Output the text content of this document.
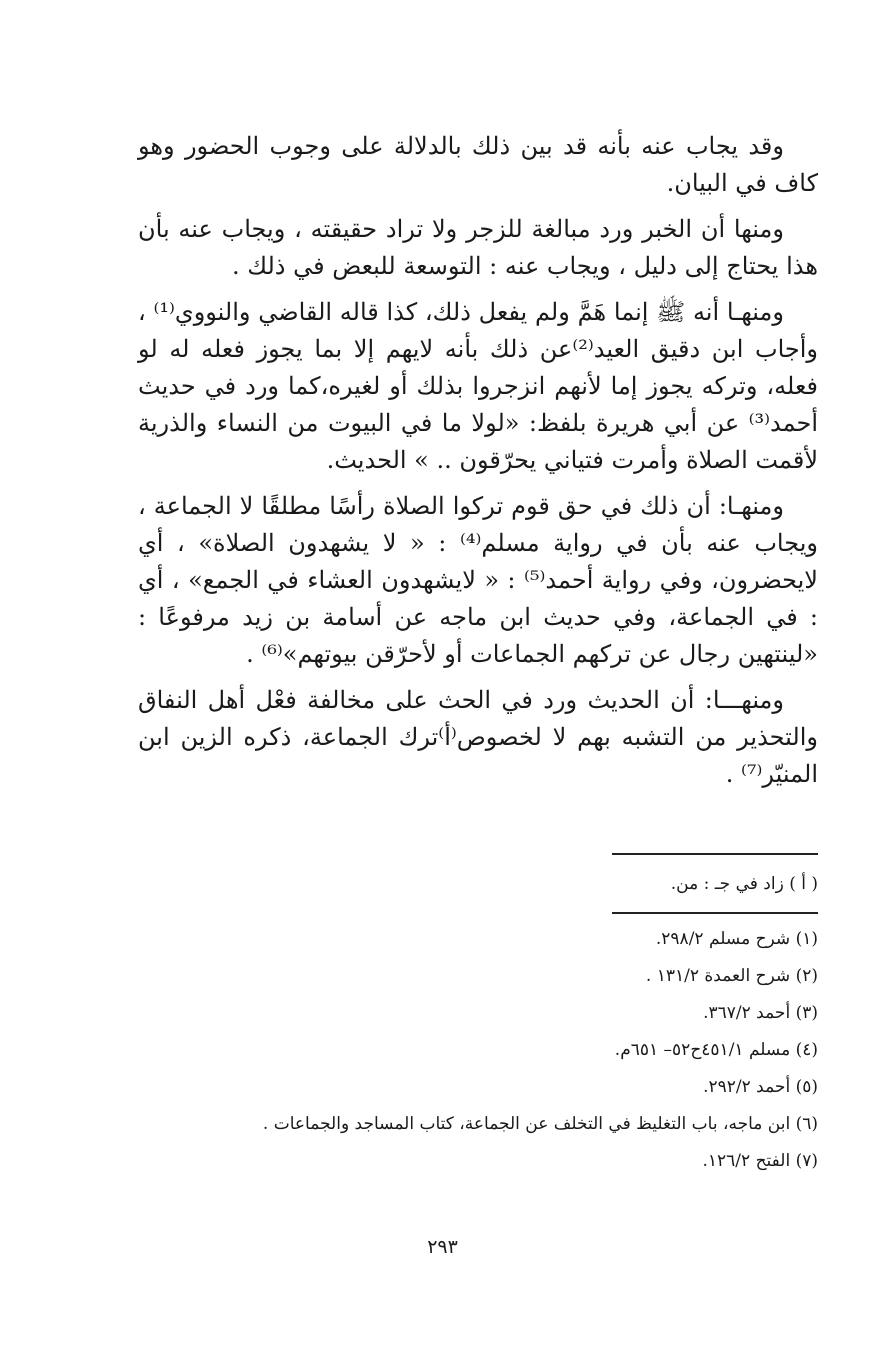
وقد يجاب عنه بأنه قد بين ذلك بالدلالة على وجوب الحضور وهو كاف في البيان.

ومنها أن الخبر ورد مبالغة للزجر ولا تراد حقيقته ، ويجاب عنه بأن هذا يحتاج إلى دليل ، ويجاب عنه : التوسعة للبعض في ذلك .

ومنهـا أنه ﷺ إنما هَمَّ ولم يفعل ذلك، كذا قاله القاضي والنووي⁽¹⁾ ، وأجاب ابن دقيق العيد⁽²⁾عن ذلك بأنه لايهم إلا بما يجوز فعله له لو فعله، وتركه يجوز إما لأنهم انزجروا بذلك أو لغيره،كما ورد في حديث أحمد⁽³⁾ عن أبي هريرة بلفظ: «لولا ما في البيوت من النساء والذرية لأقمت الصلاة وأمرت فتياني يحرّقون .. » الحديث.

ومنهـا: أن ذلك في حق قوم تركوا الصلاة رأسًا مطلقًا لا الجماعة ، ويجاب عنه بأن في رواية مسلم⁽⁴⁾ : « لا يشهدون الصلاة» ، أي لايحضرون، وفي رواية أحمد⁽⁵⁾ : « لايشهدون العشاء في الجمع» ، أي : في الجماعة، وفي حديث ابن ماجه عن أسامة بن زيد مرفوعًا : «لينتهين رجال عن تركهم الجماعات أو لأحرّقن بيوتهم»⁽⁶⁾ .

ومنهـــا: أن الحديث ورد في الحث على مخالفة فعْل أهل النفاق والتحذير من التشبه بهم لا لخصوص⁽أ⁾ترك الجماعة، ذكره الزين ابن المنيّر⁽⁷⁾ .

( أ ) زاد في جـ : من.
(١) شرح مسلم ٢٩٨/٢.
(٢) شرح العمدة ١٣١/٢ .
(٣) أحمد ٣٦٧/٢.
(٤) مسلم ٤٥١/١ح٥٢– ٦٥١م.
(٥) أحمد ٢٩٢/٢.
(٦) ابن ماجه، باب التغليظ في التخلف عن الجماعة، كتاب المساجد والجماعات .
(٧) الفتح ١٢٦/٢.
٢٩٣
